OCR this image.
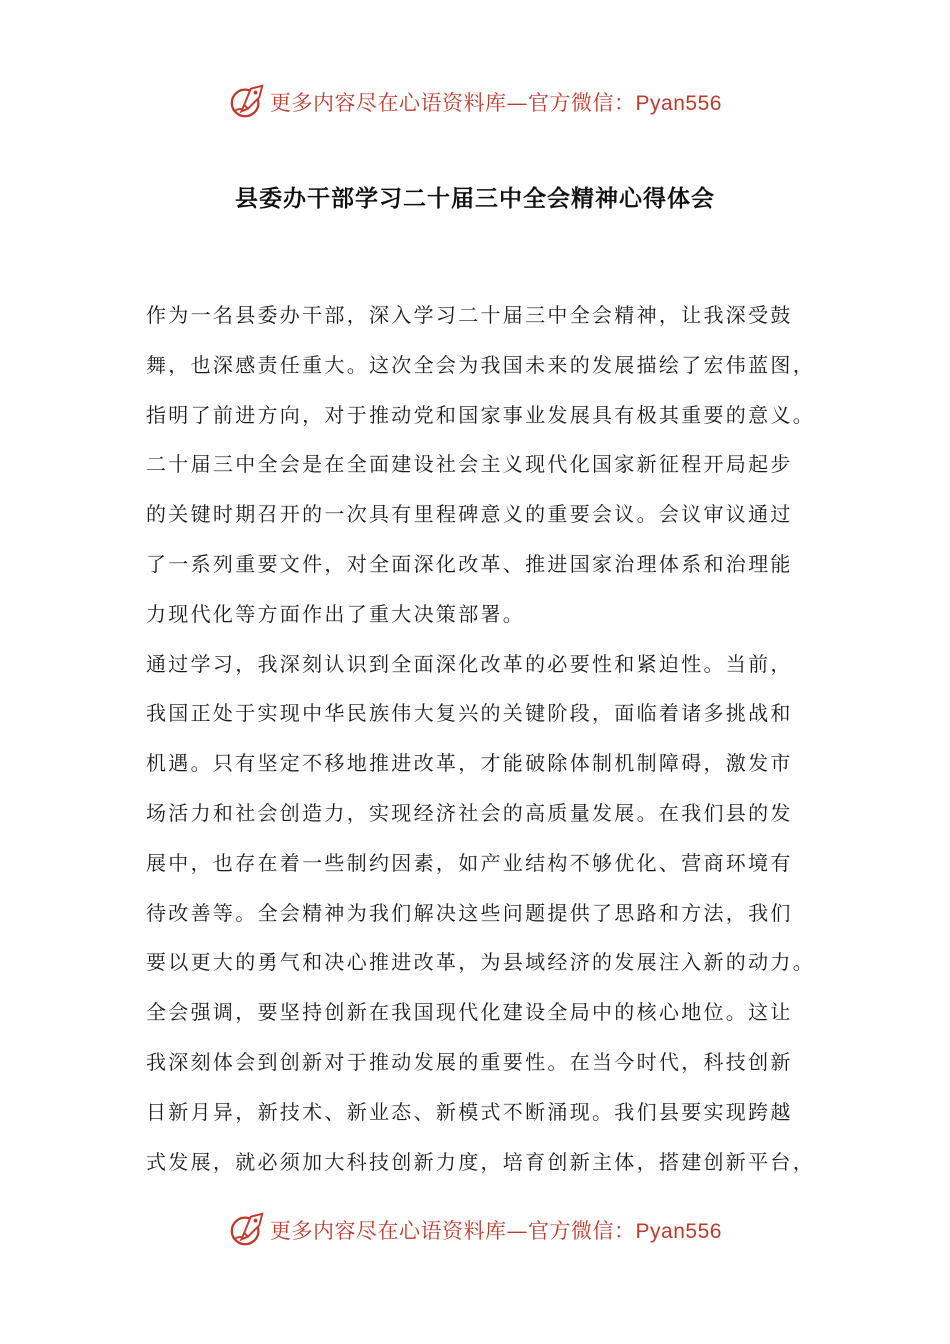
更多内容尽在心语资料库—官方微信：Pyan556
县委办干部学习二十届三中全会精神心得体会
作为一名县委办干部，深入学习二十届三中全会精神，让我深受鼓
舞，也深感责任重大。这次全会为我国未来的发展描绘了宏伟蓝图，
指明了前进方向，对于推动党和国家事业发展具有极其重要的意义。
二十届三中全会是在全面建设社会主义现代化国家新征程开局起步
的关键时期召开的一次具有里程碑意义的重要会议。会议审议通过
了一系列重要文件，对全面深化改革、推进国家治理体系和治理能
力现代化等方面作出了重大决策部署。
通过学习，我深刻认识到全面深化改革的必要性和紧迫性。当前，
我国正处于实现中华民族伟大复兴的关键阶段，面临着诸多挑战和
机遇。只有坚定不移地推进改革，才能破除体制机制障碍，激发市
场活力和社会创造力，实现经济社会的高质量发展。在我们县的发
展中，也存在着一些制约因素，如产业结构不够优化、营商环境有
待改善等。全会精神为我们解决这些问题提供了思路和方法，我们
要以更大的勇气和决心推进改革，为县域经济的发展注入新的动力。
全会强调，要坚持创新在我国现代化建设全局中的核心地位。这让
我深刻体会到创新对于推动发展的重要性。在当今时代，科技创新
日新月异，新技术、新业态、新模式不断涌现。我们县要实现跨越
式发展，就必须加大科技创新力度，培育创新主体，搭建创新平台，
更多内容尽在心语资料库—官方微信：Pyan556
